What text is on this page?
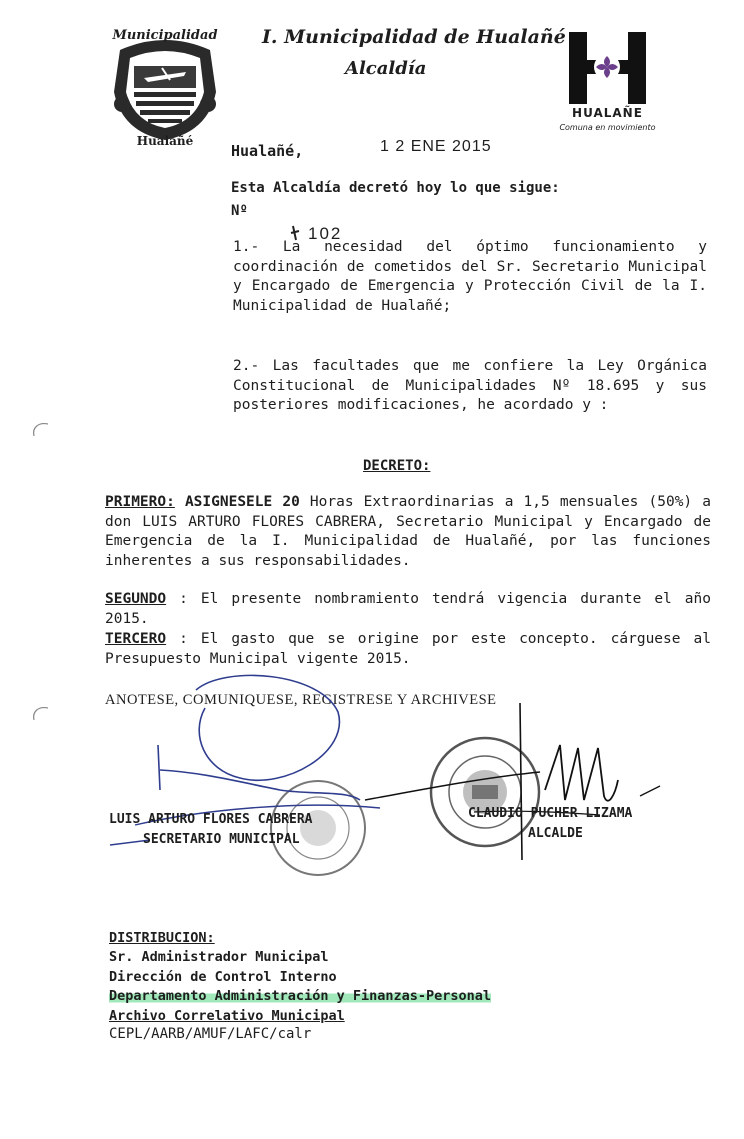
Municipalidad
Hualañé
I. Municipalidad de Hualañé
Alcaldía
HUALAÑE
Comuna en movimiento
Hualañé,	1 2 ENE 2015
Esta Alcaldía decretó hoy lo que sigue:
Nº
102
1.- La necesidad del óptimo funcionamiento y coordinación de cometidos del Sr. Secretario Municipal y Encargado de Emergencia y Protección Civil de la I. Municipalidad de Hualañé;
2.- Las facultades que me confiere la Ley Orgánica Constitucional de Municipalidades Nº 18.695 y sus posteriores modificaciones, he acordado y :
DECRETO:
PRIMERO: ASIGNESELE 20 Horas Extraordinarias a 1,5 mensuales (50%) a don LUIS ARTURO FLORES CABRERA, Secretario Municipal y Encargado de Emergencia de la I. Municipalidad de Hualañé, por las funciones inherentes a sus responsabilidades.
SEGUNDO : El presente nombramiento tendrá vigencia durante el año 2015.
TERCERO : El gasto que se origine por este concepto. cárguese al Presupuesto Municipal vigente 2015.
ANOTESE, COMUNIQUESE, REGISTRESE Y ARCHIVESE
LUIS ARTURO FLORES CABRERA
SECRETARIO MUNICIPAL
CLAUDIO PUCHER LIZAMA
ALCALDE
DISTRIBUCION:
Sr. Administrador Municipal
Dirección de Control Interno
Departamento Administración y Finanzas-Personal
Archivo Correlativo Municipal
CEPL/AARB/AMUF/LAFC/calr
